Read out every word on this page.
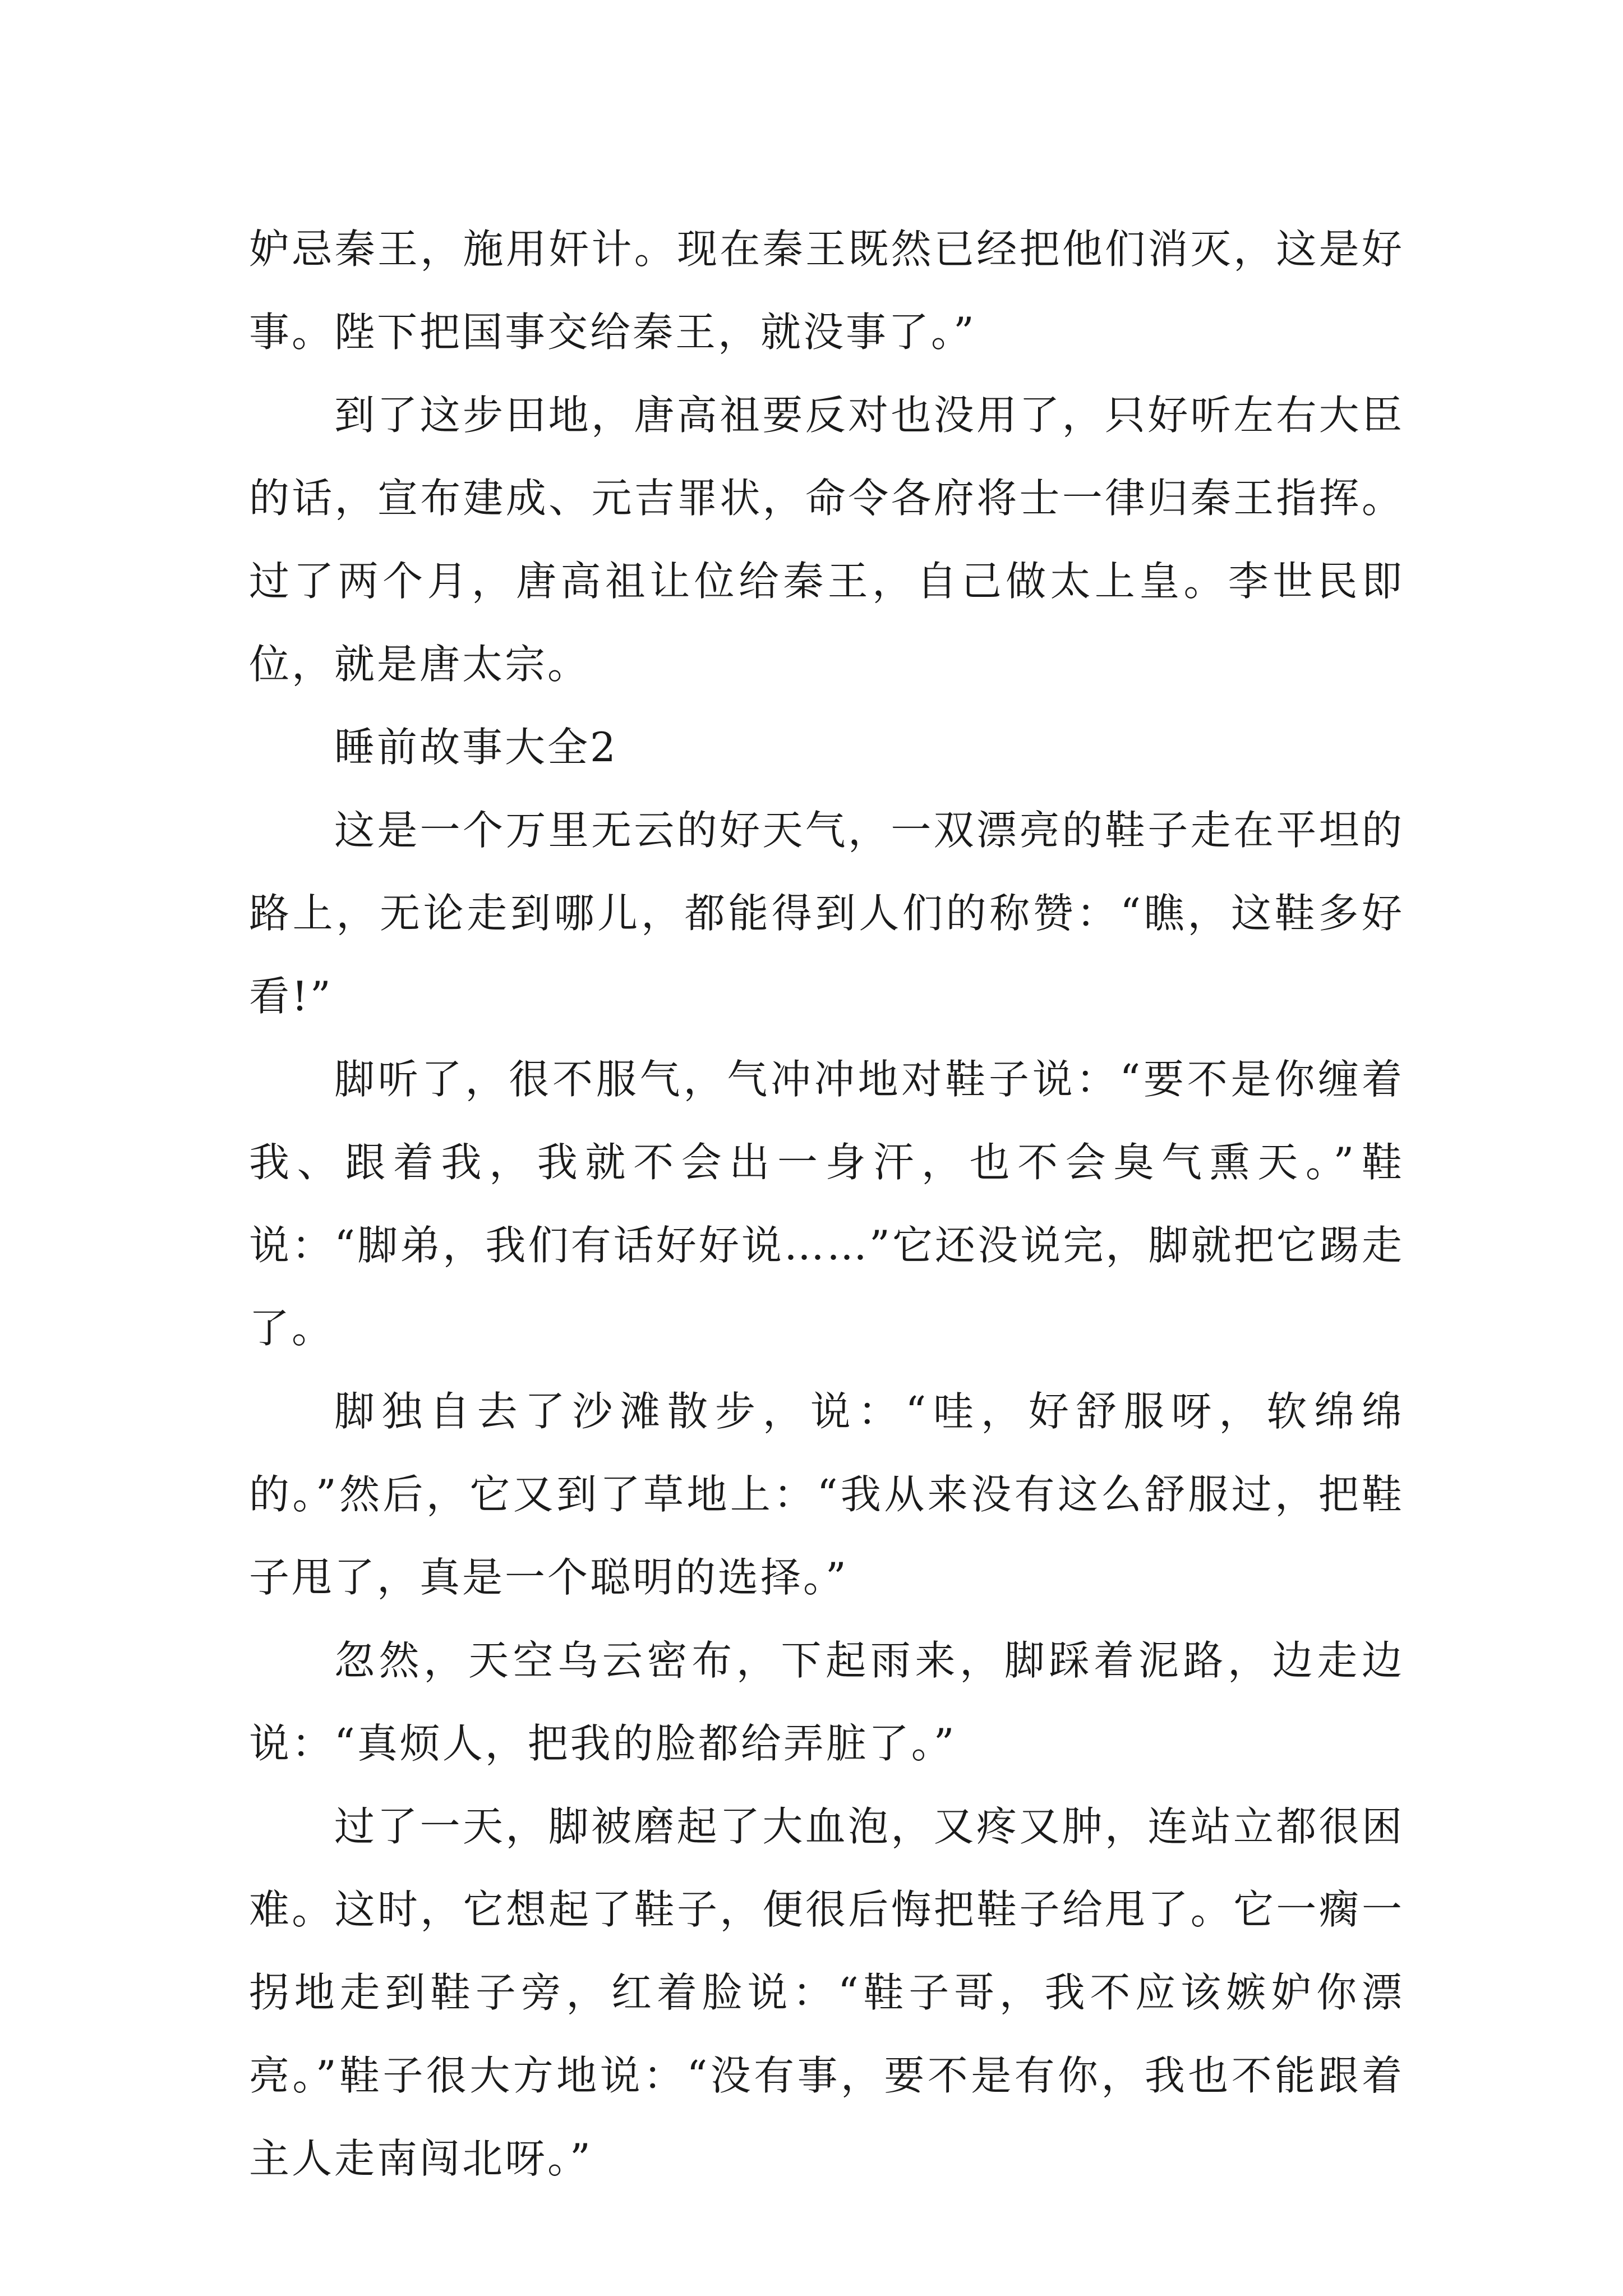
妒忌秦王，施用奸计。现在秦王既然已经把他们消灭，这是好事。陛下把国事交给秦王，就没事了。”

到了这步田地，唐高祖要反对也没用了，只好听左右大臣的话，宣布建成、元吉罪状，命令各府将士一律归秦王指挥。过了两个月，唐高祖让位给秦王，自己做太上皇。李世民即位，就是唐太宗。

睡前故事大全2

这是一个万里无云的好天气，一双漂亮的鞋子走在平坦的路上，无论走到哪儿，都能得到人们的称赞：“瞧，这鞋多好看!”

脚听了，很不服气，气冲冲地对鞋子说：“要不是你缠着我、跟着我，我就不会出一身汗，也不会臭气熏天。”鞋说：“脚弟，我们有话好好说……”它还没说完，脚就把它踢走了。

脚独自去了沙滩散步，说：“哇，好舒服呀，软绵绵的。”然后，它又到了草地上：“我从来没有这么舒服过，把鞋子甩了，真是一个聪明的选择。”

忽然，天空乌云密布，下起雨来，脚踩着泥路，边走边说：“真烦人，把我的脸都给弄脏了。”

过了一天，脚被磨起了大血泡，又疼又肿，连站立都很困难。这时，它想起了鞋子，便很后悔把鞋子给甩了。它一瘸一拐地走到鞋子旁，红着脸说：“鞋子哥，我不应该嫉妒你漂亮。”鞋子很大方地说：“没有事，要不是有你，我也不能跟着主人走南闯北呀。”
